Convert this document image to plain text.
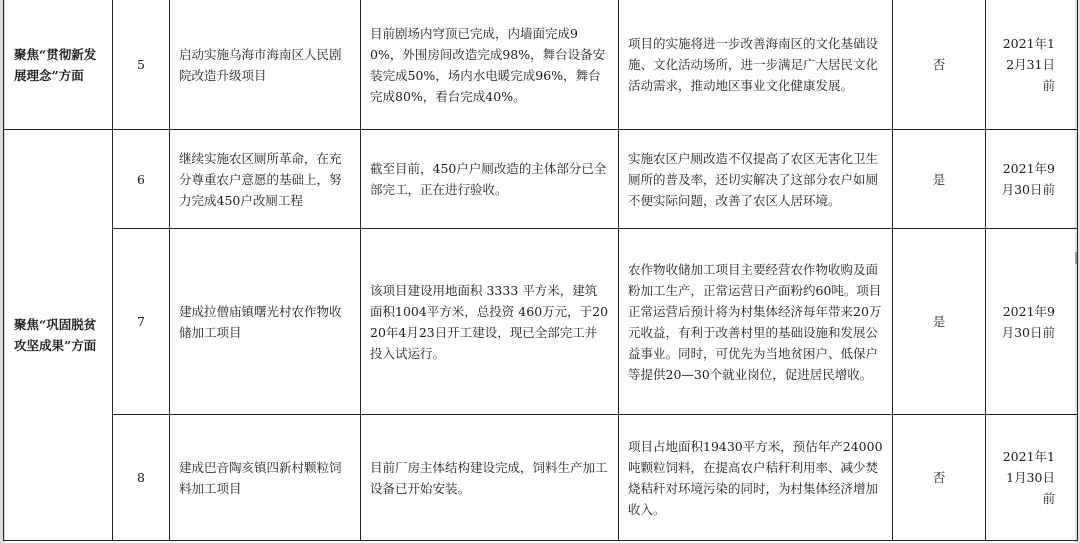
聚焦“贯彻新发展理念”方面	5	启动实施乌海市海南区人民剧院改造升级项目	目前剧场内穹顶已完成，内墙面完成90%，外围房间改造完成98%，舞台设备安装完成50%，场内水电暖完成96%，舞台完成80%，看台完成40%。	项目的实施将进一步改善海南区的文化基础设施、文化活动场所，进一步满足广大居民文化活动需求，推动地区事业文化健康发展。	否	2021年12月31日前
聚焦“巩固脱贫攻坚成果”方面	6	继续实施农区厕所革命，在充分尊重农户意愿的基础上，努力完成450户改厕工程	截至目前，450户户厕改造的主体部分已全部完工，正在进行验收。	实施农区户厕改造不仅提高了农区无害化卫生厕所的普及率，还切实解决了这部分农户如厕不便实际问题，改善了农区人居环境。	是	2021年9月30日前
	7	建成拉僧庙镇曙光村农作物收储加工项目	该项目建设用地面积 3333 平方米，建筑面积1004平方米，总投资 460万元，于2020年4月23日开工建设，现已全部完工并投入试运行。	农作物收储加工项目主要经营农作物收购及面粉加工生产，正常运营日产面粉约60吨。项目正常运营后预计将为村集体经济每年带来20万元收益，有利于改善村里的基础设施和发展公益事业。同时，可优先为当地贫困户、低保户等提供20—30个就业岗位，促进居民增收。	是	2021年9月30日前
	8	建成巴音陶亥镇四新村颗粒饲料加工项目	目前厂房主体结构建设完成，饲料生产加工设备已开始安装。	项目占地面积19430平方米，预估年产24000吨颗粒饲料，在提高农户秸秆利用率、减少焚烧秸秆对环境污染的同时，为村集体经济增加收入。	否	2021年11月30日前
